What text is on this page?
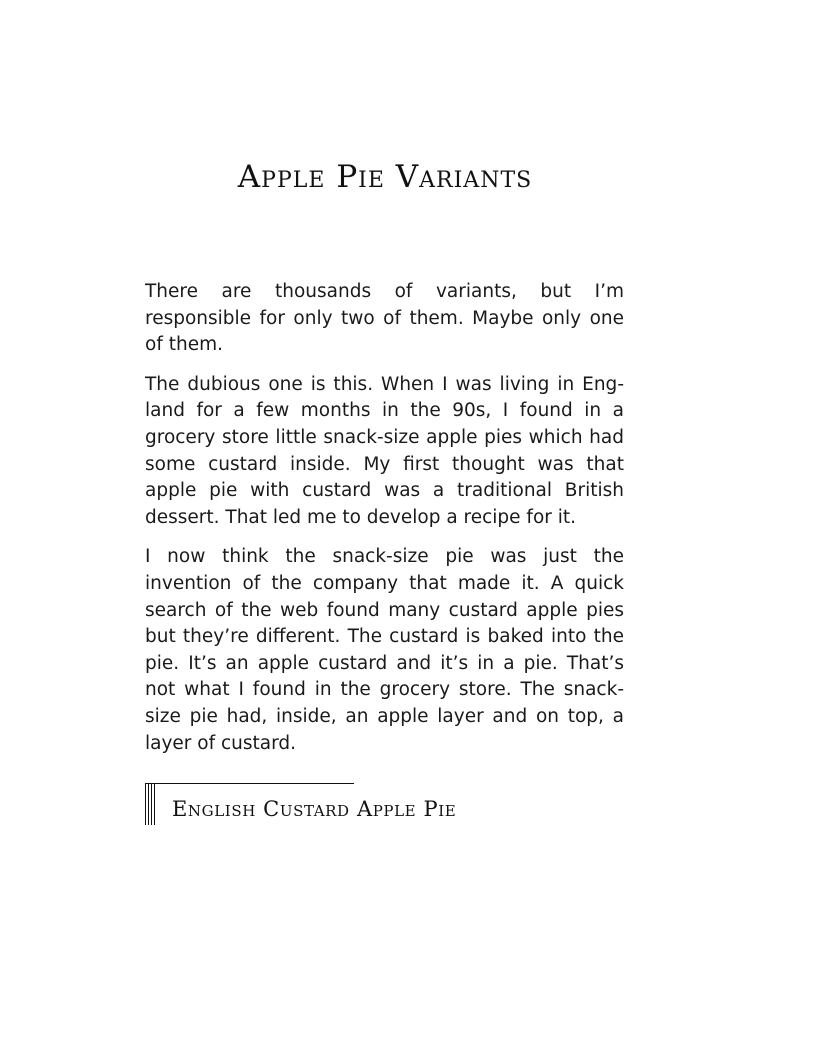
Apple Pie Variants

There are thousands of variants, but I’m responsible for only two of them. Maybe only one of them.

The dubious one is this. When I was living in England for a few months in the 90s, I found in a grocery store little snack-size apple pies which had some custard inside. My first thought was that apple pie with custard was a traditional British dessert. That led me to develop a recipe for it.

I now think the snack-size pie was just the invention of the company that made it. A quick search of the web found many custard apple pies but they’re different. The custard is baked into the pie. It’s an apple custard and it’s in a pie. That’s not what I found in the grocery store. The snack-size pie had, inside, an apple layer and on top, a layer of custard.

English Custard Apple Pie
